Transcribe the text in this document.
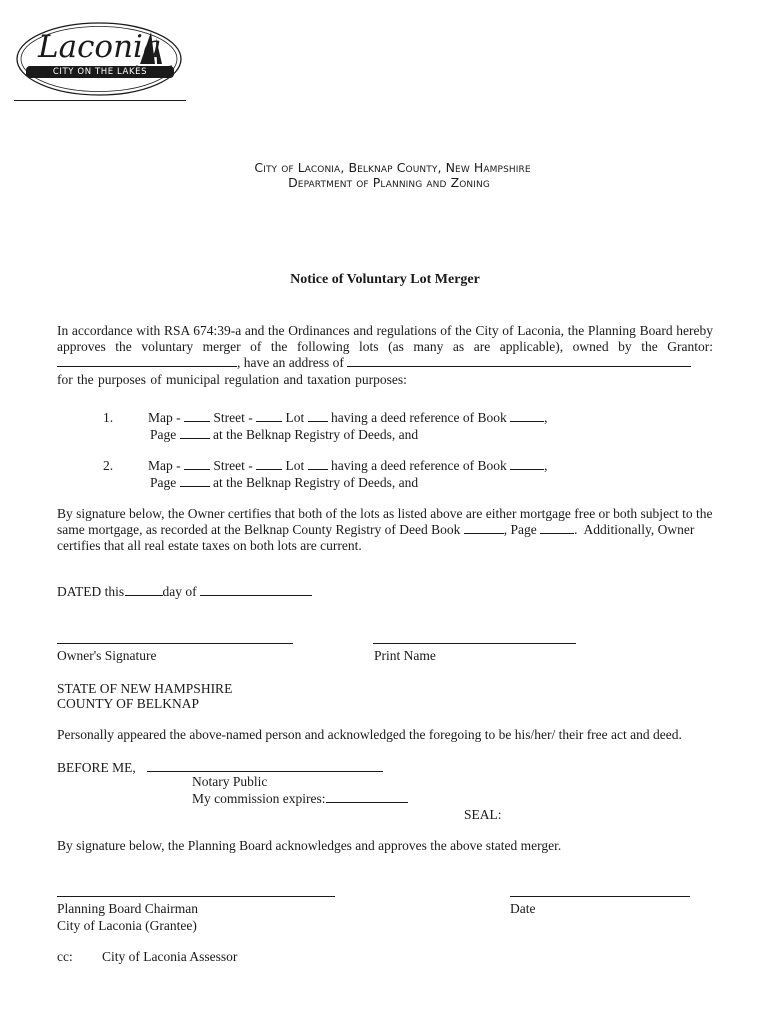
Laconia
CITY ON THE LAKES
City of Laconia, Belknap County, New Hampshire
Department of Planning and Zoning
Notice of Voluntary Lot Merger
In accordance with RSA 674:39-a and the Ordinances and regulations of the City of Laconia, the Planning Board hereby
approves the voluntary merger of the following lots (as many as are applicable), owned by the Grantor:
, have an address of
for the purposes of municipal regulation and taxation purposes:
1.	Map - Street - Lot having a deed reference of Book	,
Page	at the Belknap Registry of Deeds, and
2.	Map - Street - Lot having a deed reference of Book	,
Page	at the Belknap Registry of Deeds, and
By signature below, the Owner certifies that both of the lots as listed above are either mortgage free or both subject to the
same mortgage, as recorded at the Belknap County Registry of Deed Book	, Page	.  Additionally, Owner
certifies that all real estate taxes on both lots are current.
DATED this	day of
Owner's Signature	Print Name
STATE OF NEW HAMPSHIRE
COUNTY OF BELKNAP
Personally appeared the above-named person and acknowledged the foregoing to be his/her/ their free act and deed.
BEFORE ME,
Notary Public
My commission expires:
SEAL:
By signature below, the Planning Board acknowledges and approves the above stated merger.
Planning Board Chairman	Date
City of Laconia (Grantee)
cc: City of Laconia Assessor
